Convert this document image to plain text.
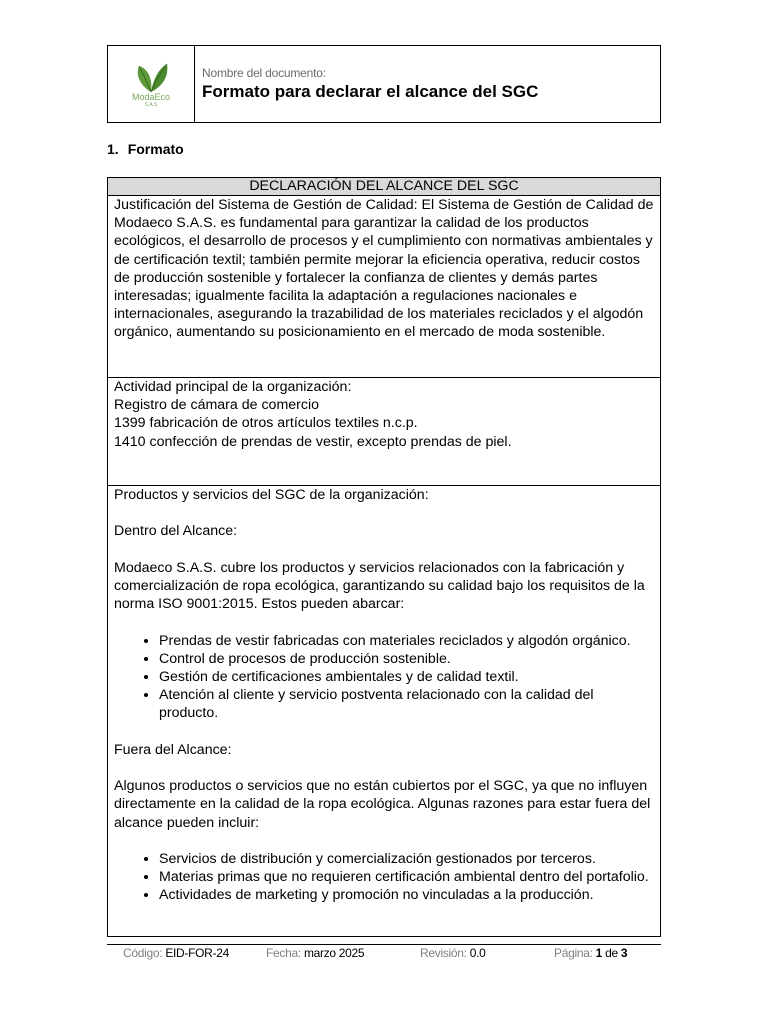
ModaEco
S.A.S
Nombre del documento:
Formato para declarar el alcance del SGC
1. Formato
DECLARACIÓN DEL ALCANCE DEL SGC

Justificación del Sistema de Gestión de Calidad: El Sistema de Gestión de Calidad de Modaeco S.A.S. es fundamental para garantizar la calidad de los productos ecológicos, el desarrollo de procesos y el cumplimiento con normativas ambientales y de certificación textil; también permite mejorar la eficiencia operativa, reducir costos de producción sostenible y fortalecer la confianza de clientes y demás partes interesadas; igualmente facilita la adaptación a regulaciones nacionales e internacionales, asegurando la trazabilidad de los materiales reciclados y el algodón orgánico, aumentando su posicionamiento en el mercado de moda sostenible.

Actividad principal de la organización:
Registro de cámara de comercio
1399 fabricación de otros artículos textiles n.c.p.
1410 confección de prendas de vestir, excepto prendas de piel.

Productos y servicios del SGC de la organización:
Dentro del Alcance:
Modaeco S.A.S. cubre los productos y servicios relacionados con la fabricación y comercialización de ropa ecológica, garantizando su calidad bajo los requisitos de la norma ISO 9001:2015. Estos pueden abarcar:
• Prendas de vestir fabricadas con materiales reciclados y algodón orgánico.
• Control de procesos de producción sostenible.
• Gestión de certificaciones ambientales y de calidad textil.
• Atención al cliente y servicio postventa relacionado con la calidad del producto.
Fuera del Alcance:
Algunos productos o servicios que no están cubiertos por el SGC, ya que no influyen directamente en la calidad de la ropa ecológica. Algunas razones para estar fuera del alcance pueden incluir:
• Servicios de distribución y comercialización gestionados por terceros.
• Materias primas que no requieren certificación ambiental dentro del portafolio.
• Actividades de marketing y promoción no vinculadas a la producción.
Código: EID-FOR-24	Fecha: marzo 2025	Revisión: 0.0	Página: 1 de 3
